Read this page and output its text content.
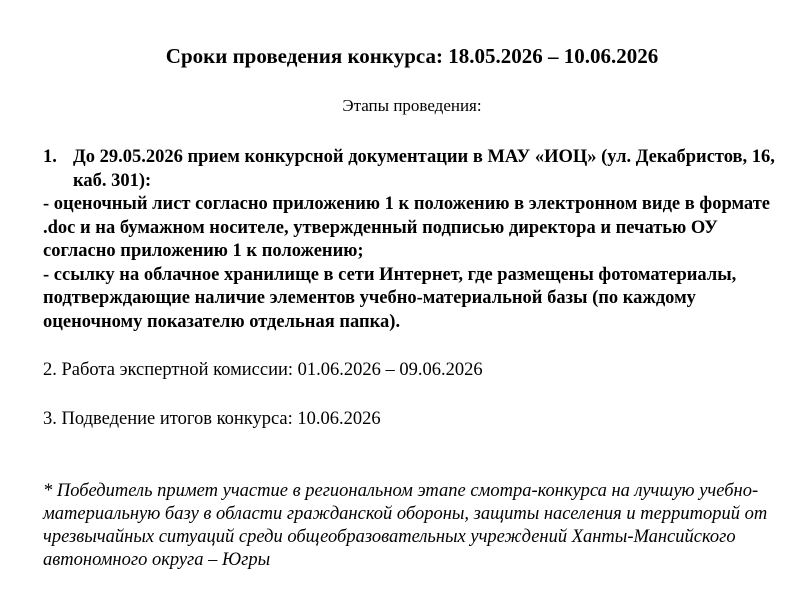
Сроки проведения конкурса: 18.05.2026 – 10.06.2026
Этапы проведения:
1. До 29.05.2026 прием конкурсной документации в МАУ «ИОЦ» (ул. Декабристов, 16, каб. 301):
- оценочный лист согласно приложению 1 к положению в электронном виде в формате .doc и на бумажном носителе, утвержденный подписью директора и печатью ОУ согласно приложению 1 к положению;
- ссылку на облачное хранилище в сети Интернет, где размещены фотоматериалы, подтверждающие наличие элементов учебно-материальной базы (по каждому оценочному показателю отдельная папка).
2. Работа экспертной комиссии: 01.06.2026 – 09.06.2026
3. Подведение итогов конкурса: 10.06.2026
* Победитель примет участие в региональном этапе смотра-конкурса на лучшую учебно-материальную базу в области гражданской обороны, защиты населения и территорий от чрезвычайных ситуаций среди общеобразовательных учреждений Ханты-Мансийского автономного округа – Югры
